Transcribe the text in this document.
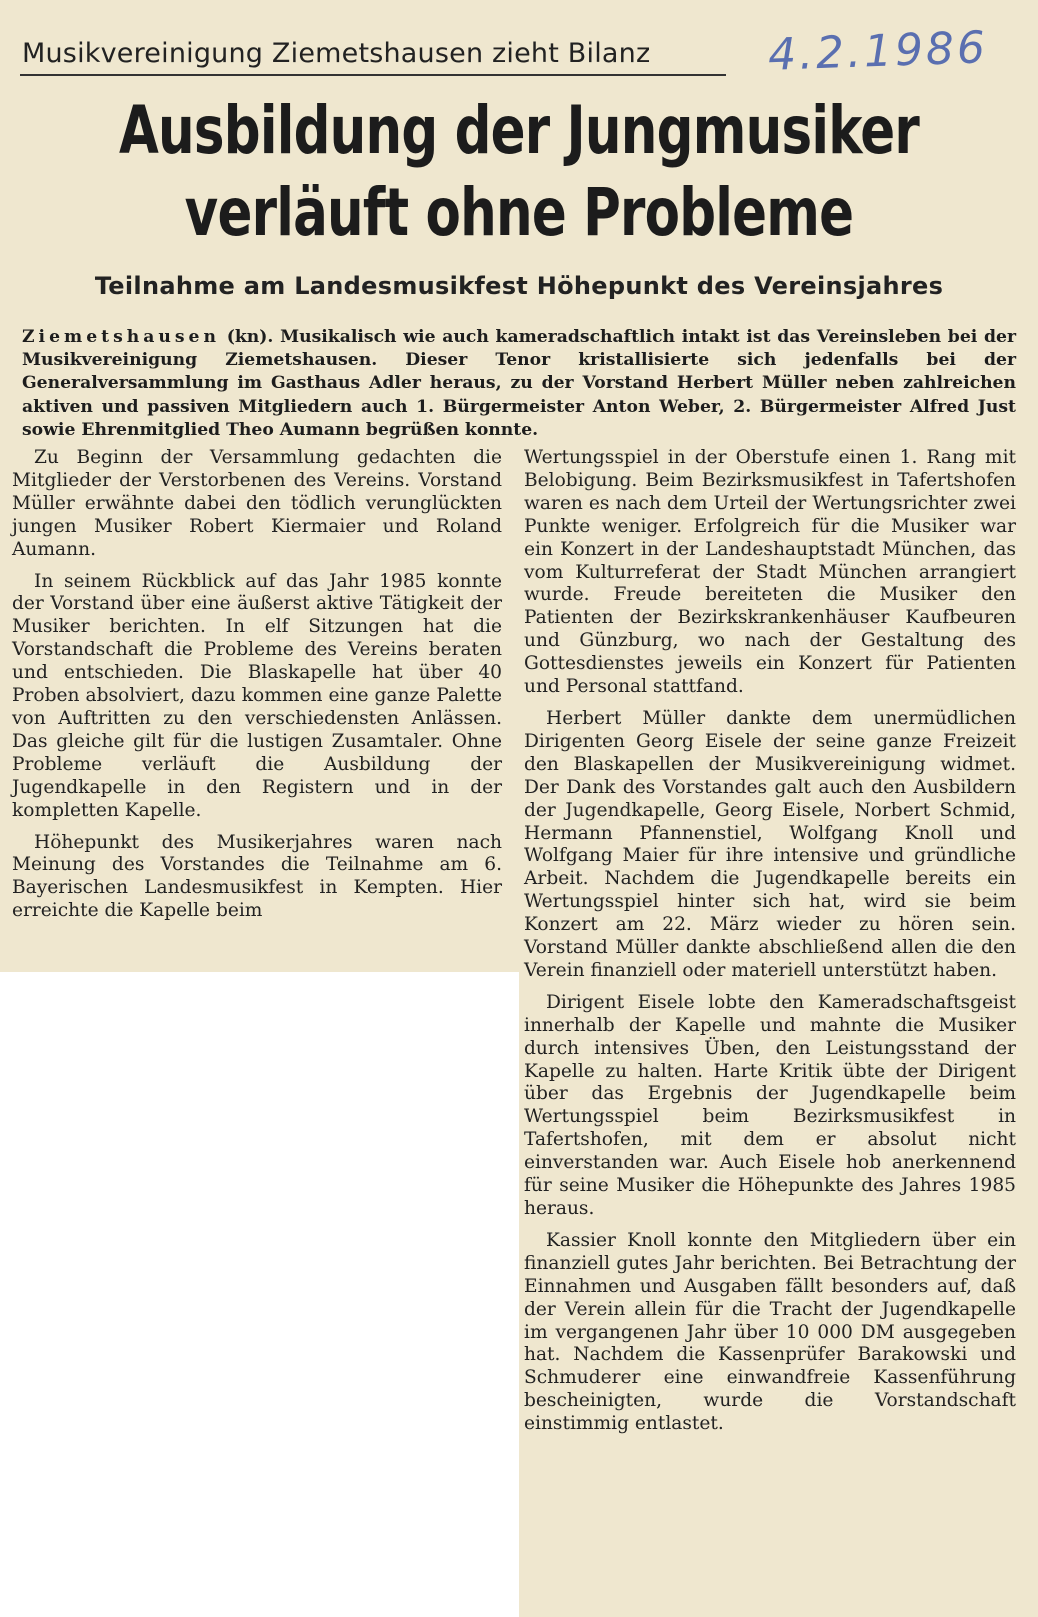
Musikvereinigung Ziemetshausen zieht Bilanz	4.2.1986
Ausbildung der Jungmusiker
verläuft ohne Probleme
Teilnahme am Landesmusikfest Höhepunkt des Vereinsjahres
Ziemetshausen (kn). Musikalisch wie auch kameradschaftlich intakt ist das Vereinsleben bei der Musikvereinigung Ziemetshausen. Dieser Tenor kristallisierte sich jedenfalls bei der Generalversammlung im Gasthaus Adler heraus, zu der Vorstand Herbert Müller neben zahlreichen aktiven und passiven Mitgliedern auch 1. Bürgermeister Anton Weber, 2. Bürgermeister Alfred Just sowie Ehrenmitglied Theo Aumann begrüßen konnte.

Zu Beginn der Versammlung gedachten die Mitglieder der Verstorbenen des Vereins. Vorstand Müller erwähnte dabei den tödlich verunglückten jungen Musiker Robert Kiermaier und Roland Aumann.

In seinem Rückblick auf das Jahr 1985 konnte der Vorstand über eine äußerst aktive Tätigkeit der Musiker berichten. In elf Sitzungen hat die Vorstandschaft die Probleme des Vereins beraten und entschieden. Die Blaskapelle hat über 40 Proben absolviert, dazu kommen eine ganze Palette von Auftritten zu den verschiedensten Anlässen. Das gleiche gilt für die lustigen Zusamtaler. Ohne Probleme verläuft die Ausbildung der Jugendkapelle in den Registern und in der kompletten Kapelle.

Höhepunkt des Musikerjahres waren nach Meinung des Vorstandes die Teilnahme am 6. Bayerischen Landesmusikfest in Kempten. Hier erreichte die Kapelle beim

Wertungsspiel in der Oberstufe einen 1. Rang mit Belobigung. Beim Bezirksmusikfest in Tafertshofen waren es nach dem Urteil der Wertungsrichter zwei Punkte weniger. Erfolgreich für die Musiker war ein Konzert in der Landeshauptstadt München, das vom Kulturreferat der Stadt München arrangiert wurde. Freude bereiteten die Musiker den Patienten der Bezirkskrankenhäuser Kaufbeuren und Günzburg, wo nach der Gestaltung des Gottesdienstes jeweils ein Konzert für Patienten und Personal stattfand.

Herbert Müller dankte dem unermüdlichen Dirigenten Georg Eisele der seine ganze Freizeit den Blaskapellen der Musikvereinigung widmet. Der Dank des Vorstandes galt auch den Ausbildern der Jugendkapelle, Georg Eisele, Norbert Schmid, Hermann Pfannenstiel, Wolfgang Knoll und Wolfgang Maier für ihre intensive und gründliche Arbeit. Nachdem die Jugendkapelle bereits ein Wertungsspiel hinter sich hat, wird sie beim Konzert am 22. März wieder zu hören sein. Vorstand Müller dankte abschließend allen die den Verein finanziell oder materiell unterstützt haben.

Dirigent Eisele lobte den Kameradschaftsgeist innerhalb der Kapelle und mahnte die Musiker durch intensives Üben, den Leistungsstand der Kapelle zu halten. Harte Kritik übte der Dirigent über das Ergebnis der Jugendkapelle beim Wertungsspiel beim Bezirksmusikfest in Tafertshofen, mit dem er absolut nicht einverstanden war. Auch Eisele hob anerkennend für seine Musiker die Höhepunkte des Jahres 1985 heraus.

Kassier Knoll konnte den Mitgliedern über ein finanziell gutes Jahr berichten. Bei Betrachtung der Einnahmen und Ausgaben fällt besonders auf, daß der Verein allein für die Tracht der Jugendkapelle im vergangenen Jahr über 10 000 DM ausgegeben hat. Nachdem die Kassenprüfer Barakowski und Schmuderer eine einwandfreie Kassenführung bescheinigten, wurde die Vorstandschaft einstimmig entlastet.
